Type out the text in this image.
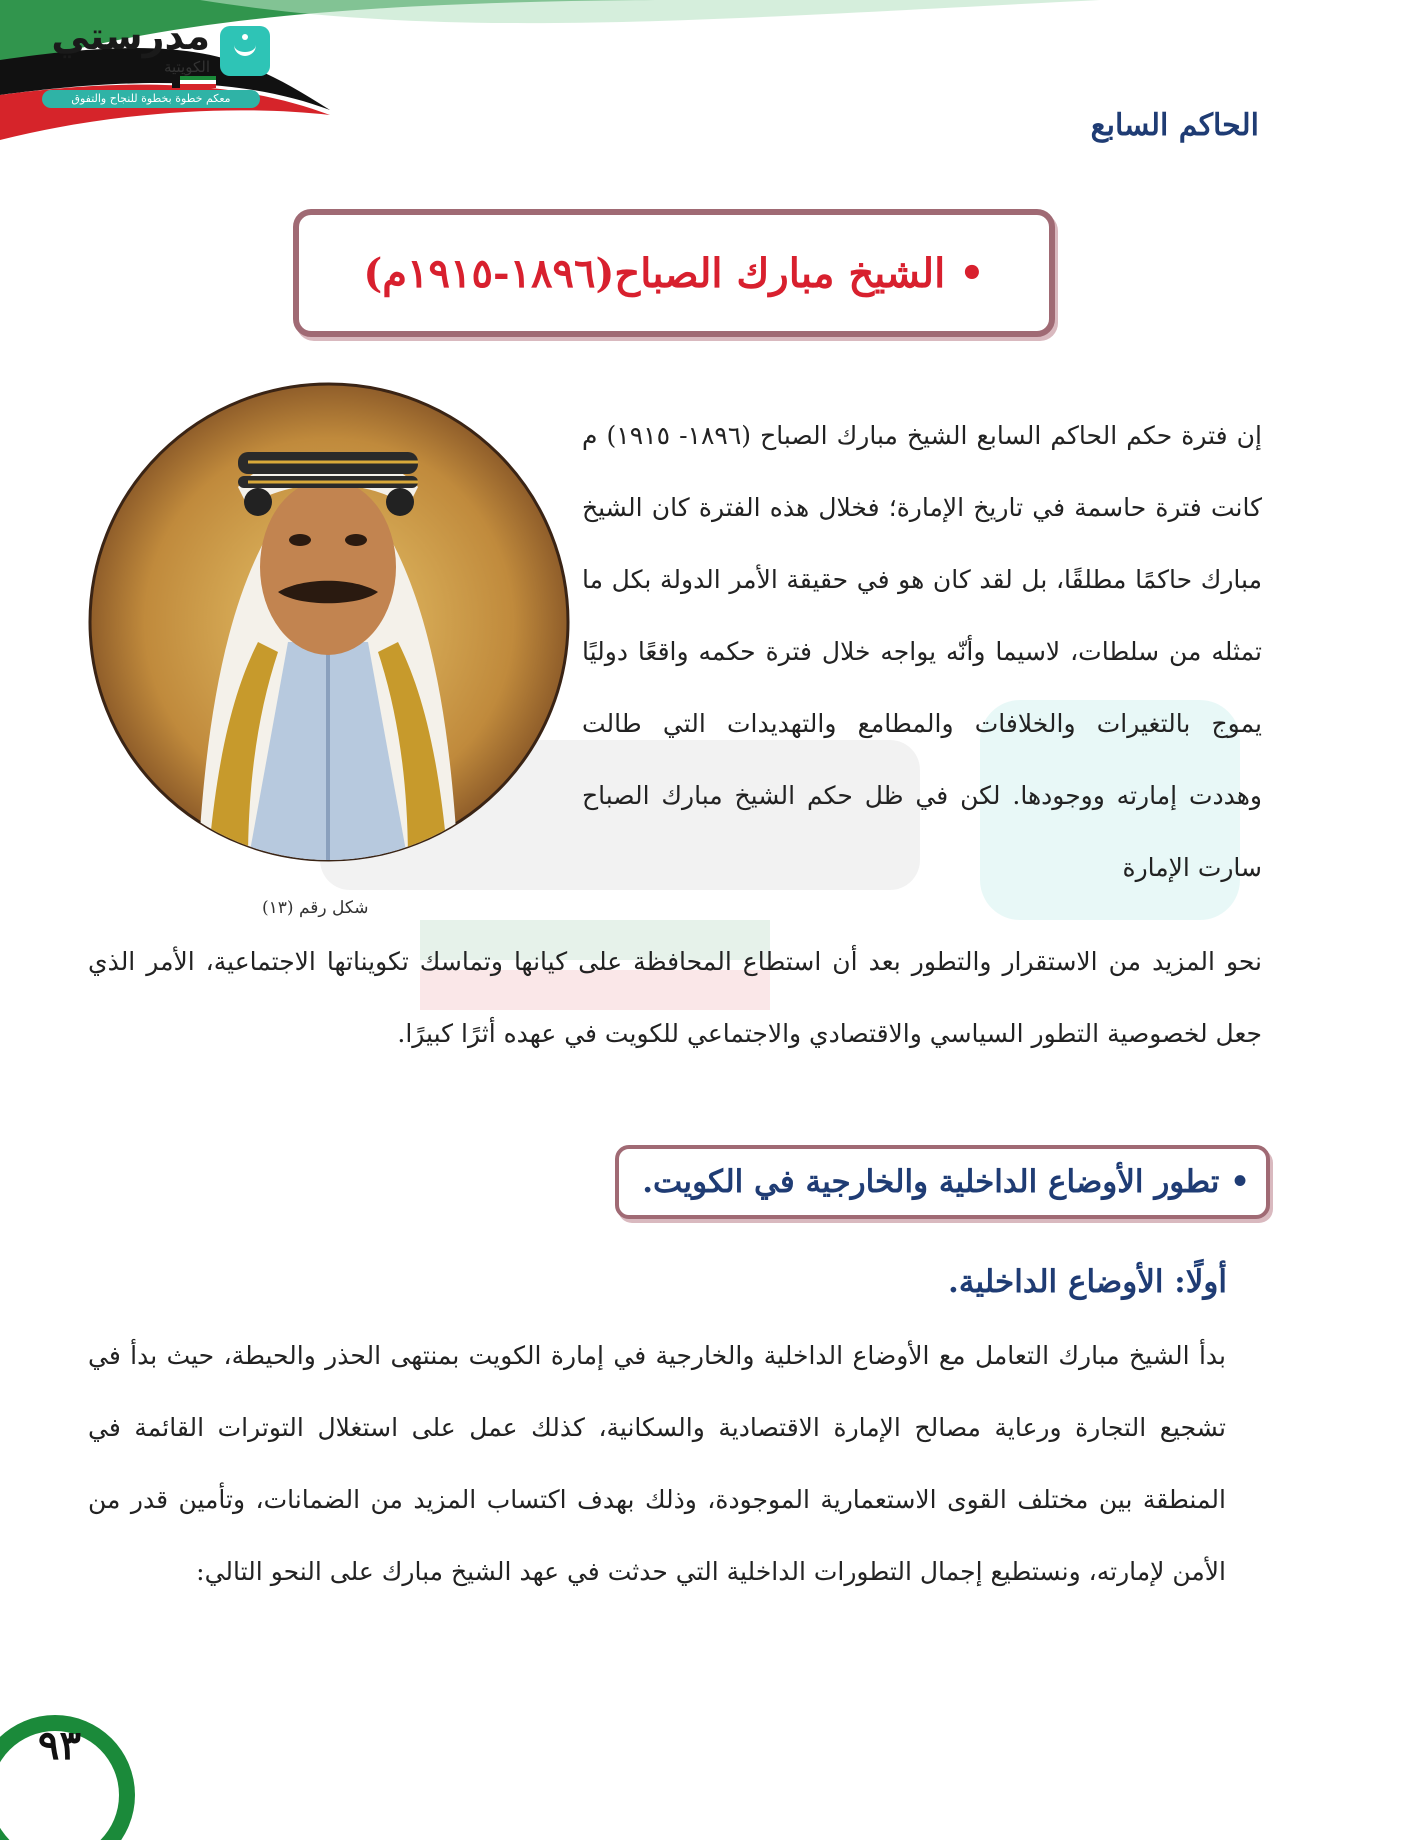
مدرستي
الكويتية
معكم خطوة بخطوة للنجاح والتفوق
الحاكم السابع
• الشيخ مبارك الصباح(١٨٩٦-١٩١٥م)
شكل رقم (١٣)
إن فترة حكم الحاكم السابع الشيخ مبارك الصباح (١٨٩٦- ١٩١٥) م كانت فترة حاسمة في تاريخ الإمارة؛ فخلال هذه الفترة كان الشيخ مبارك حاكمًا مطلقًا، بل لقد كان هو في حقيقة الأمر الدولة بكل ما تمثله من سلطات، لاسيما وأنّه يواجه خلال فترة حكمه واقعًا دوليًا يموج بالتغيرات والخلافات والمطامع والتهديدات التي طالت وهددت إمارته ووجودها. لكن في ظل حكم الشيخ مبارك الصباح سارت الإمارة
نحو المزيد من الاستقرار والتطور بعد أن استطاع المحافظة على كيانها وتماسك تكويناتها الاجتماعية، الأمر الذي جعل لخصوصية التطور السياسي والاقتصادي والاجتماعي للكويت في عهده أثرًا كبيرًا.
• تطور الأوضاع الداخلية والخارجية في الكويت.
أولًا: الأوضاع الداخلية.
بدأ الشيخ مبارك التعامل مع الأوضاع الداخلية والخارجية في إمارة الكويت بمنتهى الحذر والحيطة، حيث بدأ في تشجيع التجارة ورعاية مصالح الإمارة الاقتصادية والسكانية، كذلك عمل على استغلال التوترات القائمة في المنطقة بين مختلف القوى الاستعمارية الموجودة، وذلك بهدف اكتساب المزيد من الضمانات، وتأمين قدر من الأمن لإمارته، ونستطيع إجمال التطورات الداخلية التي حدثت في عهد الشيخ مبارك على النحو التالي:
٩٣
